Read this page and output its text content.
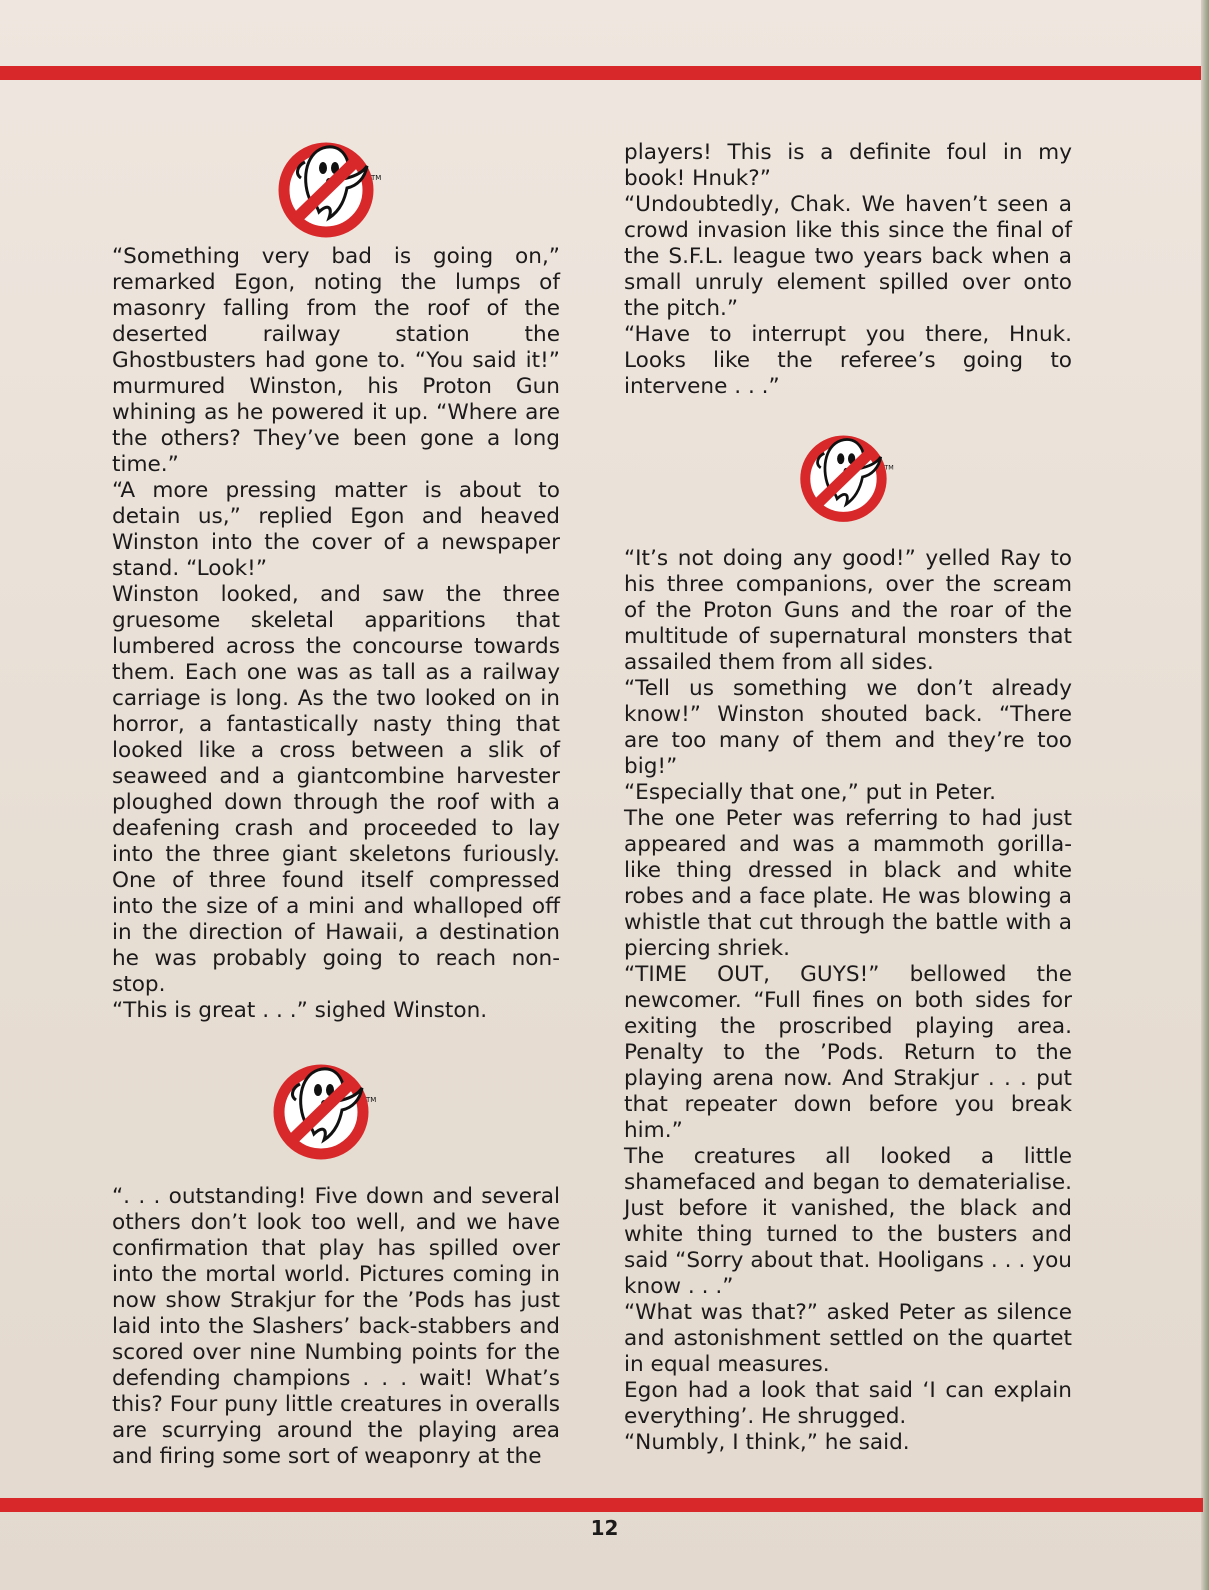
TM

“Something very bad is going on,” remarked Egon, noting the lumps of masonry falling from the roof of the deserted railway station the Ghostbusters had gone to. “You said it!” murmured Winston, his Proton Gun whining as he powered it up. “Where are the others? They’ve been gone a long time.”

“A more pressing matter is about to detain us,” replied Egon and heaved Winston into the cover of a newspaper stand. “Look!”

Winston looked, and saw the three gruesome skeletal apparitions that lumbered across the concourse towards them. Each one was as tall as a railway carriage is long. As the two looked on in horror, a fantastically nasty thing that looked like a cross between a slik of seaweed and a giantcombine harvester ploughed down through the roof with a deafening crash and proceeded to lay into the three giant skeletons furiously. One of three found itself compressed into the size of a mini and whalloped off in the direction of Hawaii, a destination he was probably going to reach non-stop.

“This is great . . .” sighed Winston.

TM

“. . . outstanding! Five down and several others don’t look too well, and we have confirmation that play has spilled over into the mortal world. Pictures coming in now show Strakjur for the ’Pods has just laid into the Slashers’ back-stabbers and scored over nine Numbing points for the defending champions . . . wait! What’s this? Four puny little creatures in overalls are scurrying around the playing area and firing some sort of weaponry at the

players! This is a definite foul in my book! Hnuk?”

“Undoubtedly, Chak. We haven’t seen a crowd invasion like this since the final of the S.F.L. league two years back when a small unruly element spilled over onto the pitch.”

“Have to interrupt you there, Hnuk. Looks like the referee’s going to intervene . . .”

TM

“It’s not doing any good!” yelled Ray to his three companions, over the scream of the Proton Guns and the roar of the multitude of supernatural monsters that assailed them from all sides.

“Tell us something we don’t already know!” Winston shouted back. “There are too many of them and they’re too big!”

“Especially that one,” put in Peter.

The one Peter was referring to had just appeared and was a mammoth gorilla-like thing dressed in black and white robes and a face plate. He was blowing a whistle that cut through the battle with a piercing shriek.

“TIME OUT, GUYS!” bellowed the newcomer. “Full fines on both sides for exiting the proscribed playing area. Penalty to the ’Pods. Return to the playing arena now. And Strakjur . . . put that repeater down before you break him.”

The creatures all looked a little shamefaced and began to dematerialise. Just before it vanished, the black and white thing turned to the busters and said “Sorry about that. Hooligans . . . you know . . .”

“What was that?” asked Peter as silence and astonishment settled on the quartet in equal measures.

Egon had a look that said ‘I can explain everything’. He shrugged.

“Numbly, I think,” he said.

12
